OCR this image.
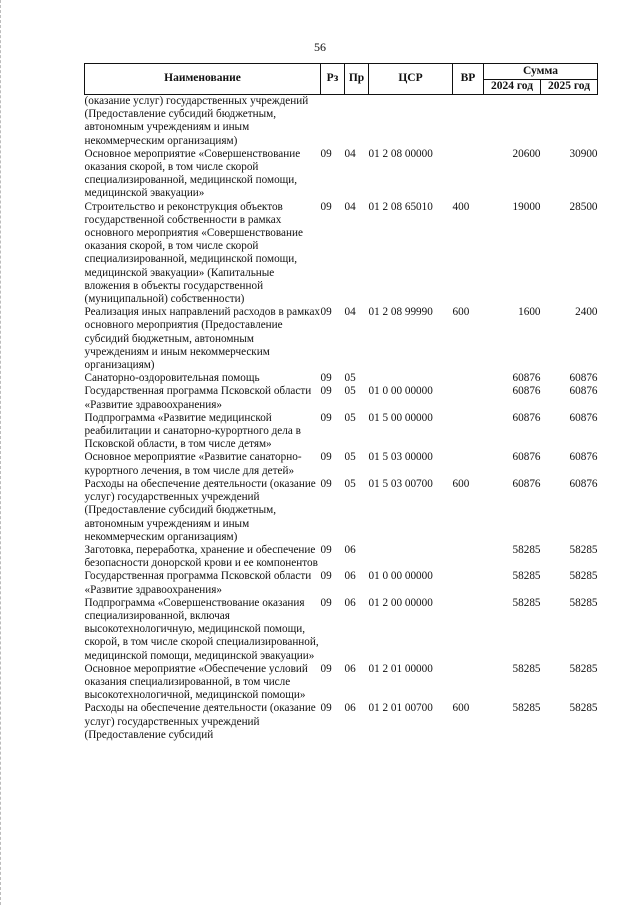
56
Наименование	Рз	Пр	ЦСР	ВР	Сумма	
					2024 год	2025 год
(оказание услуг) государственных учреждений (Предоставление субсидий бюджетным, автономным учреждениям и иным некоммерческим организациям)						
Основное мероприятие «Совершенствование оказания скорой, в том числе скорой специализированной, медицинской помощи, медицинской эвакуации»	09	04	01 2 08 00000		20600	30900
Строительство и реконструкция объектов государственной собственности в рамках основного мероприятия «Совершенствование оказания скорой, в том числе скорой специализированной, медицинской помощи, медицинской эвакуации» (Капитальные вложения в объекты государственной (муниципальной) собственности)	09	04	01 2 08 65010	400	19000	28500
Реализация иных направлений расходов в рамках основного мероприятия (Предоставление субсидий бюджетным, автономным учреждениям и иным некоммерческим организациям)	09	04	01 2 08 99990	600	1600	2400
Санаторно-оздоровительная помощь	09	05			60876	60876
Государственная программа Псковской области «Развитие здравоохранения»	09	05	01 0 00 00000		60876	60876
Подпрограмма «Развитие медицинской реабилитации и санаторно-курортного дела в Псковской области, в том числе детям»	09	05	01 5 00 00000		60876	60876
Основное мероприятие «Развитие санаторно-курортного лечения, в том числе для детей»	09	05	01 5 03 00000		60876	60876
Расходы на обеспечение деятельности (оказание услуг) государственных учреждений (Предоставление субсидий бюджетным, автономным учреждениям и иным некоммерческим организациям)	09	05	01 5 03 00700	600	60876	60876
Заготовка, переработка, хранение и обеспечение безопасности донорской крови и ее компонентов	09	06			58285	58285
Государственная программа Псковской области «Развитие здравоохранения»	09	06	01 0 00 00000		58285	58285
Подпрограмма «Совершенствование оказания специализированной, включая высокотехнологичную, медицинской помощи, скорой, в том числе скорой специализированной, медицинской помощи, медицинской эвакуации»	09	06	01 2 00 00000		58285	58285
Основное мероприятие «Обеспечение условий оказания специализированной, в том числе высокотехнологичной, медицинской помощи»	09	06	01 2 01 00000		58285	58285
Расходы на обеспечение деятельности (оказание услуг) государственных учреждений (Предоставление субсидий	09	06	01 2 01 00700	600	58285	58285
